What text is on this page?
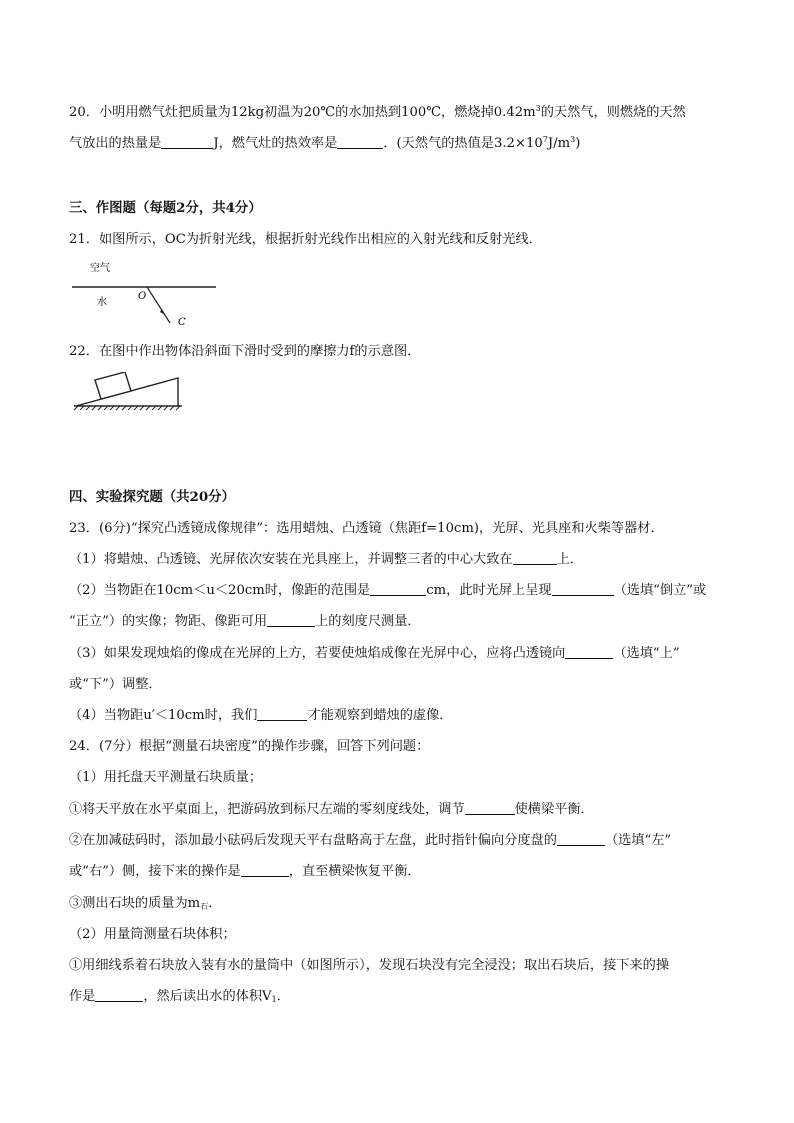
20．小明用燃气灶把质量为12kg初温为20℃的水加热到100℃，燃烧掉$0.42m^3$的天然气，则燃烧的天然
气放出的热量是	J，燃气灶的热效率是	．(天然气的热值是$3.2\times 10^7J/m^3$)
三、作图题（每题2分，共4分）
21．如图所示，OC为折射光线，根据折射光线作出相应的入射光线和反射光线．
空气
水
O
C
22．在图中作出物体沿斜面下滑时受到的摩擦力f的示意图．
四、实验探究题（共20分）
23．(6分)“探究凸透镜成像规律”：选用蜡烛、凸透镜（焦距f=10cm)，光屏、光具座和火柴等器材．
（1）将蜡烛、凸透镜、光屏依次安装在光具座上，并调整三者的中心大致在	上．
（2）当物距在10cm＜u＜20cm时，像距的范围是	cm，此时光屏上呈现	（选填“倒立”或
“正立”）的实像；物距、像距可用	上的刻度尺测量．
（3）如果发现烛焰的像成在光屏的上方，若要使烛焰成像在光屏中心，应将凸透镜向	（选填“上”
或“下”）调整．
（4）当物距u′＜10cm时，我们	才能观察到蜡烛的虚像．
24．(7分）根据“测量石块密度”的操作步骤，回答下列问题：
（1）用托盘天平测量石块质量；
①将天平放在水平桌面上，把游码放到标尺左端的零刻度线处，调节	使横梁平衡．
②在加减砝码时，添加最小砝码后发现天平右盘略高于左盘，此时指针偏向分度盘的	（选填“左”
或“右”）侧，接下来的操作是	，直至横梁恢复平衡．
③测出石块的质量为$m_石$．
（2）用量筒测量石块体积；
①用细线系着石块放入装有水的量筒中（如图所示），发现石块没有完全浸没；取出石块后，接下来的操
作是	，然后读出水的体积$V_1$．
